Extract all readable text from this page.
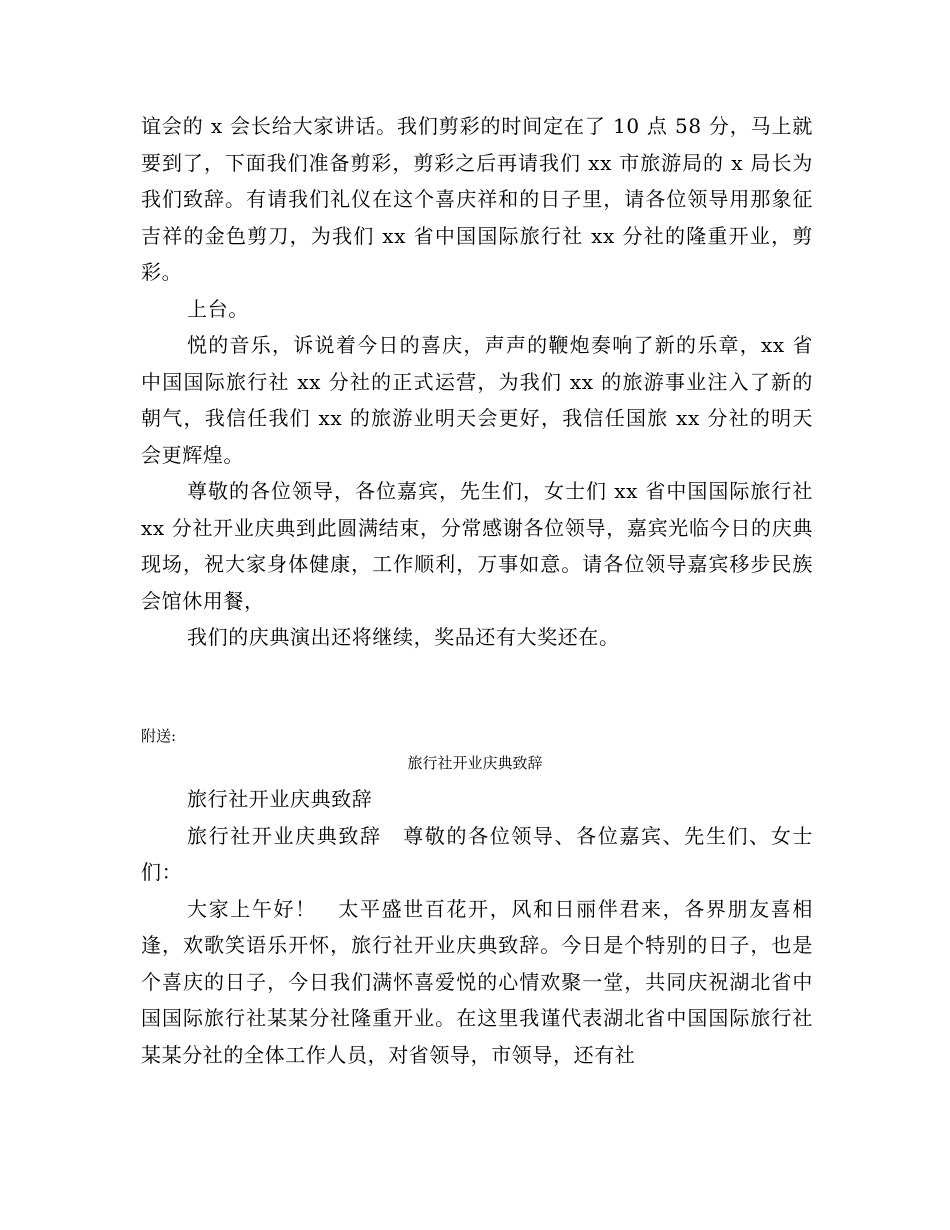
谊会的 x 会长给大家讲话。我们剪彩的时间定在了 10 点 58 分，马上就要到了，下面我们准备剪彩，剪彩之后再请我们 xx 市旅游局的 x 局长为我们致辞。有请我们礼仪在这个喜庆祥和的日子里，请各位领导用那象征吉祥的金色剪刀，为我们 xx 省中国国际旅行社 xx 分社的隆重开业，剪彩。

上台。

悦的音乐，诉说着今日的喜庆，声声的鞭炮奏响了新的乐章，xx 省中国国际旅行社 xx 分社的正式运营，为我们 xx 的旅游事业注入了新的朝气，我信任我们 xx 的旅游业明天会更好，我信任国旅 xx 分社的明天会更辉煌。

尊敬的各位领导，各位嘉宾，先生们，女士们 xx 省中国国际旅行社 xx 分社开业庆典到此圆满结束，分常感谢各位领导，嘉宾光临今日的庆典现场，祝大家身体健康，工作顺利，万事如意。请各位领导嘉宾移步民族会馆休用餐，

我们的庆典演出还将继续，奖品还有大奖还在。

附送:
旅行社开业庆典致辞

旅行社开业庆典致辞

旅行社开业庆典致辞　尊敬的各位领导、各位嘉宾、先生们、女士们：

大家上午好！　太平盛世百花开，风和日丽伴君来，各界朋友喜相逢，欢歌笑语乐开怀，旅行社开业庆典致辞。今日是个特别的日子，也是个喜庆的日子，今日我们满怀喜爱悦的心情欢聚一堂，共同庆祝湖北省中国国际旅行社某某分社隆重开业。在这里我谨代表湖北省中国国际旅行社某某分社的全体工作人员，对省领导，市领导，还有社
